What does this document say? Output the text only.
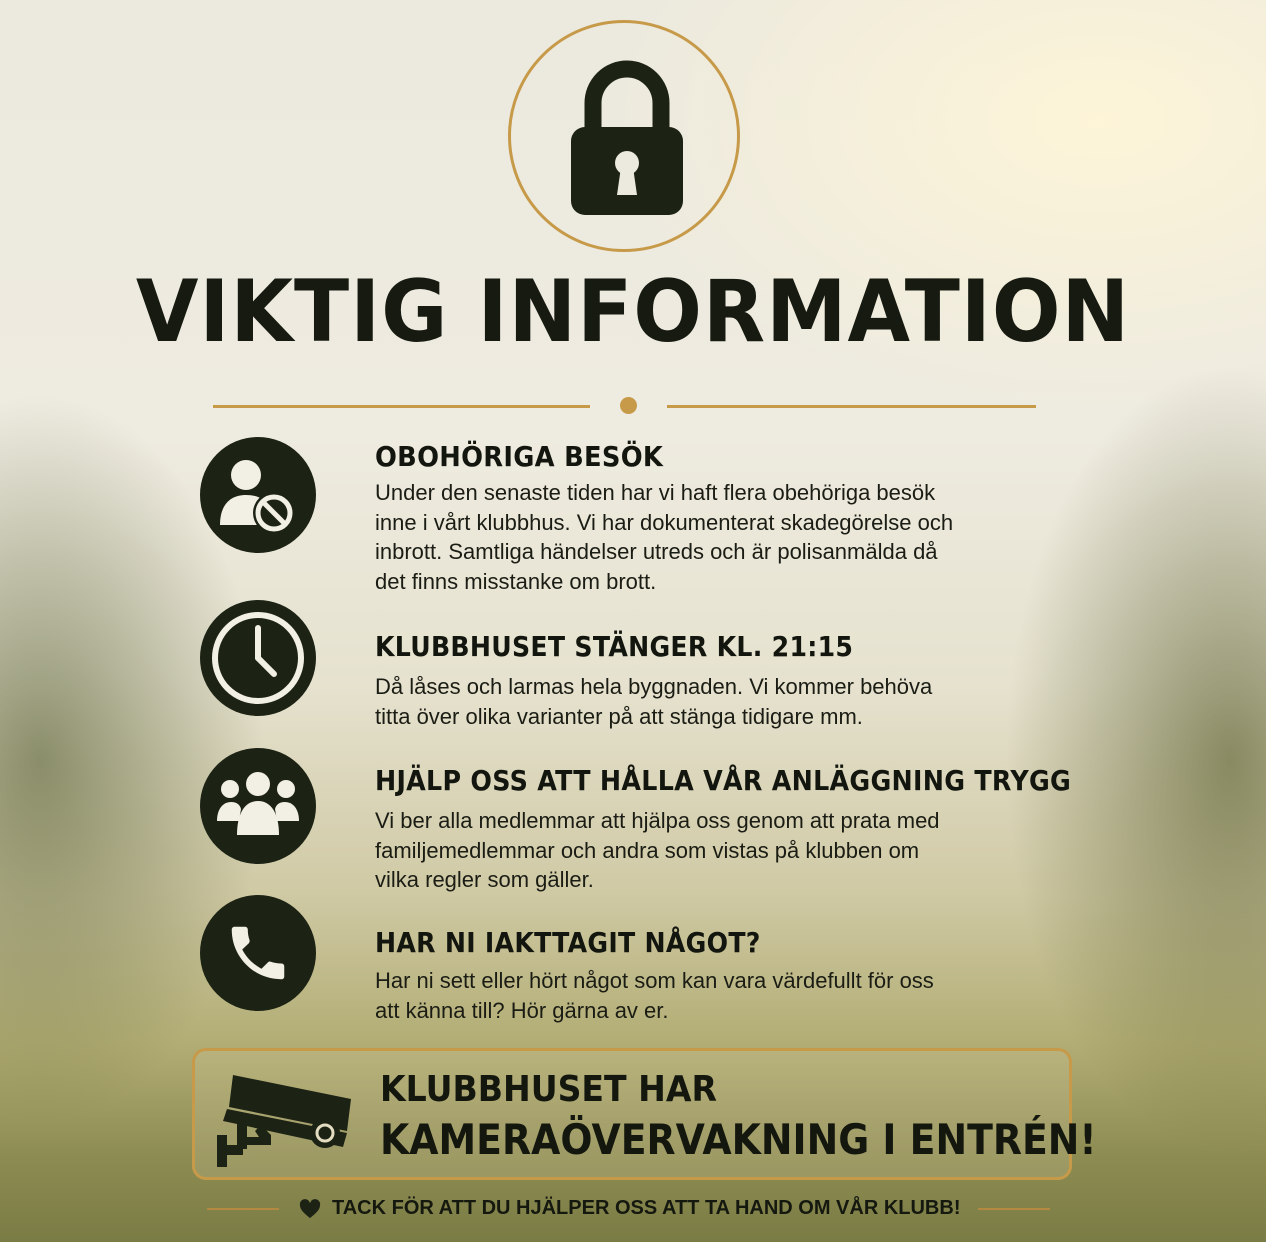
VIKTIG INFORMATION
OBOHÖRIGA BESÖK
Under den senaste tiden har vi haft flera obehöriga besök
inne i vårt klubbhus. Vi har dokumenterat skadegörelse och
inbrott. Samtliga händelser utreds och är polisanmälda då
det finns misstanke om brott.
KLUBBHUSET STÄNGER KL. 21:15
Då låses och larmas hela byggnaden. Vi kommer behöva
titta över olika varianter på att stänga tidigare mm.
HJÄLP OSS ATT HÅLLA VÅR ANLÄGGNING TRYGG
Vi ber alla medlemmar att hjälpa oss genom att prata med
familjemedlemmar och andra som vistas på klubben om
vilka regler som gäller.
HAR NI IAKTTAGIT NÅGOT?
Har ni sett eller hört något som kan vara värdefullt för oss
att känna till? Hör gärna av er.
KLUBBHUSET HAR
KAMERAÖVERVAKNING I ENTRÉN!
TACK FÖR ATT DU HJÄLPER OSS ATT TA HAND OM VÅR KLUBB!
